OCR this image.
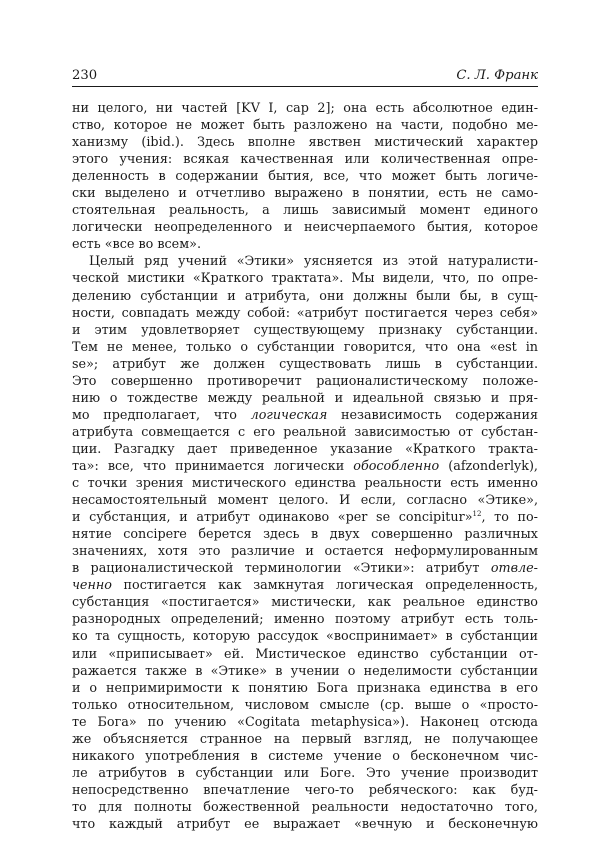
230	С. Л. Франк
ни целого, ни частей [KV I, cap 2]; она есть абсолютное един-
ство, которое не может быть разложено на части, подобно ме-
ханизму (ibid.). Здесь вполне явствен мистический характер
этого учения: всякая качественная или количественная опре-
деленность в содержании бытия, все, что может быть логиче-
ски выделено и отчетливо выражено в понятии, есть не само-
стоятельная реальность, а лишь зависимый момент единого
логически неопределенного и неисчерпаемого бытия, которое
есть «все во всем».
Целый ряд учений «Этики» уясняется из этой натуралисти-
ческой мистики «Краткого трактата». Мы видели, что, по опре-
делению субстанции и атрибута, они должны были бы, в сущ-
ности, совпадать между собой: «атрибут постигается через себя»
и этим удовлетворяет существующему признаку субстанции.
Тем не менее, только о субстанции говорится, что она «est in
se»; атрибут же должен существовать лишь в субстанции.
Это совершенно противоречит рационалистическому положе-
нию о тождестве между реальной и идеальной связью и пря-
мо предполагает, что логическая независимость содержания
атрибута совмещается с его реальной зависимостью от субстан-
ции. Разгадку дает приведенное указание «Краткого тракта-
та»: все, что принимается логически обособленно (afzonderlyk),
с точки зрения мистического единства реальности есть именно
несамостоятельный момент целого. И если, согласно «Этике»,
и субстанция, и атрибут одинаково «per se concipitur»$^{12}$, то по-
нятие concipere берется здесь в двух совершенно различных
значениях, хотя это различие и остается неформулированным
в рационалистической терминологии «Этики»: атрибут отвле-
ченно постигается как замкнутая логическая определенность,
субстанция «постигается» мистически, как реальное единство
разнородных определений; именно поэтому атрибут есть толь-
ко та сущность, которую рассудок «воспринимает» в субстанции
или «приписывает» ей. Мистическое единство субстанции от-
ражается также в «Этике» в учении о неделимости субстанции
и о непримиримости к понятию Бога признака единства в его
только относительном, числовом смысле (ср. выше о «просто-
те Бога» по учению «Cogitata metaphysica»). Наконец отсюда
же объясняется странное на первый взгляд, не получающее
никакого употребления в системе учение о бесконечном чис-
ле атрибутов в субстанции или Боге. Это учение производит
непосредственно впечатление чего-то ребяческого: как буд-
то для полноты божественной реальности недостаточно того,
что каждый атрибут ее выражает «вечную и бесконечную
